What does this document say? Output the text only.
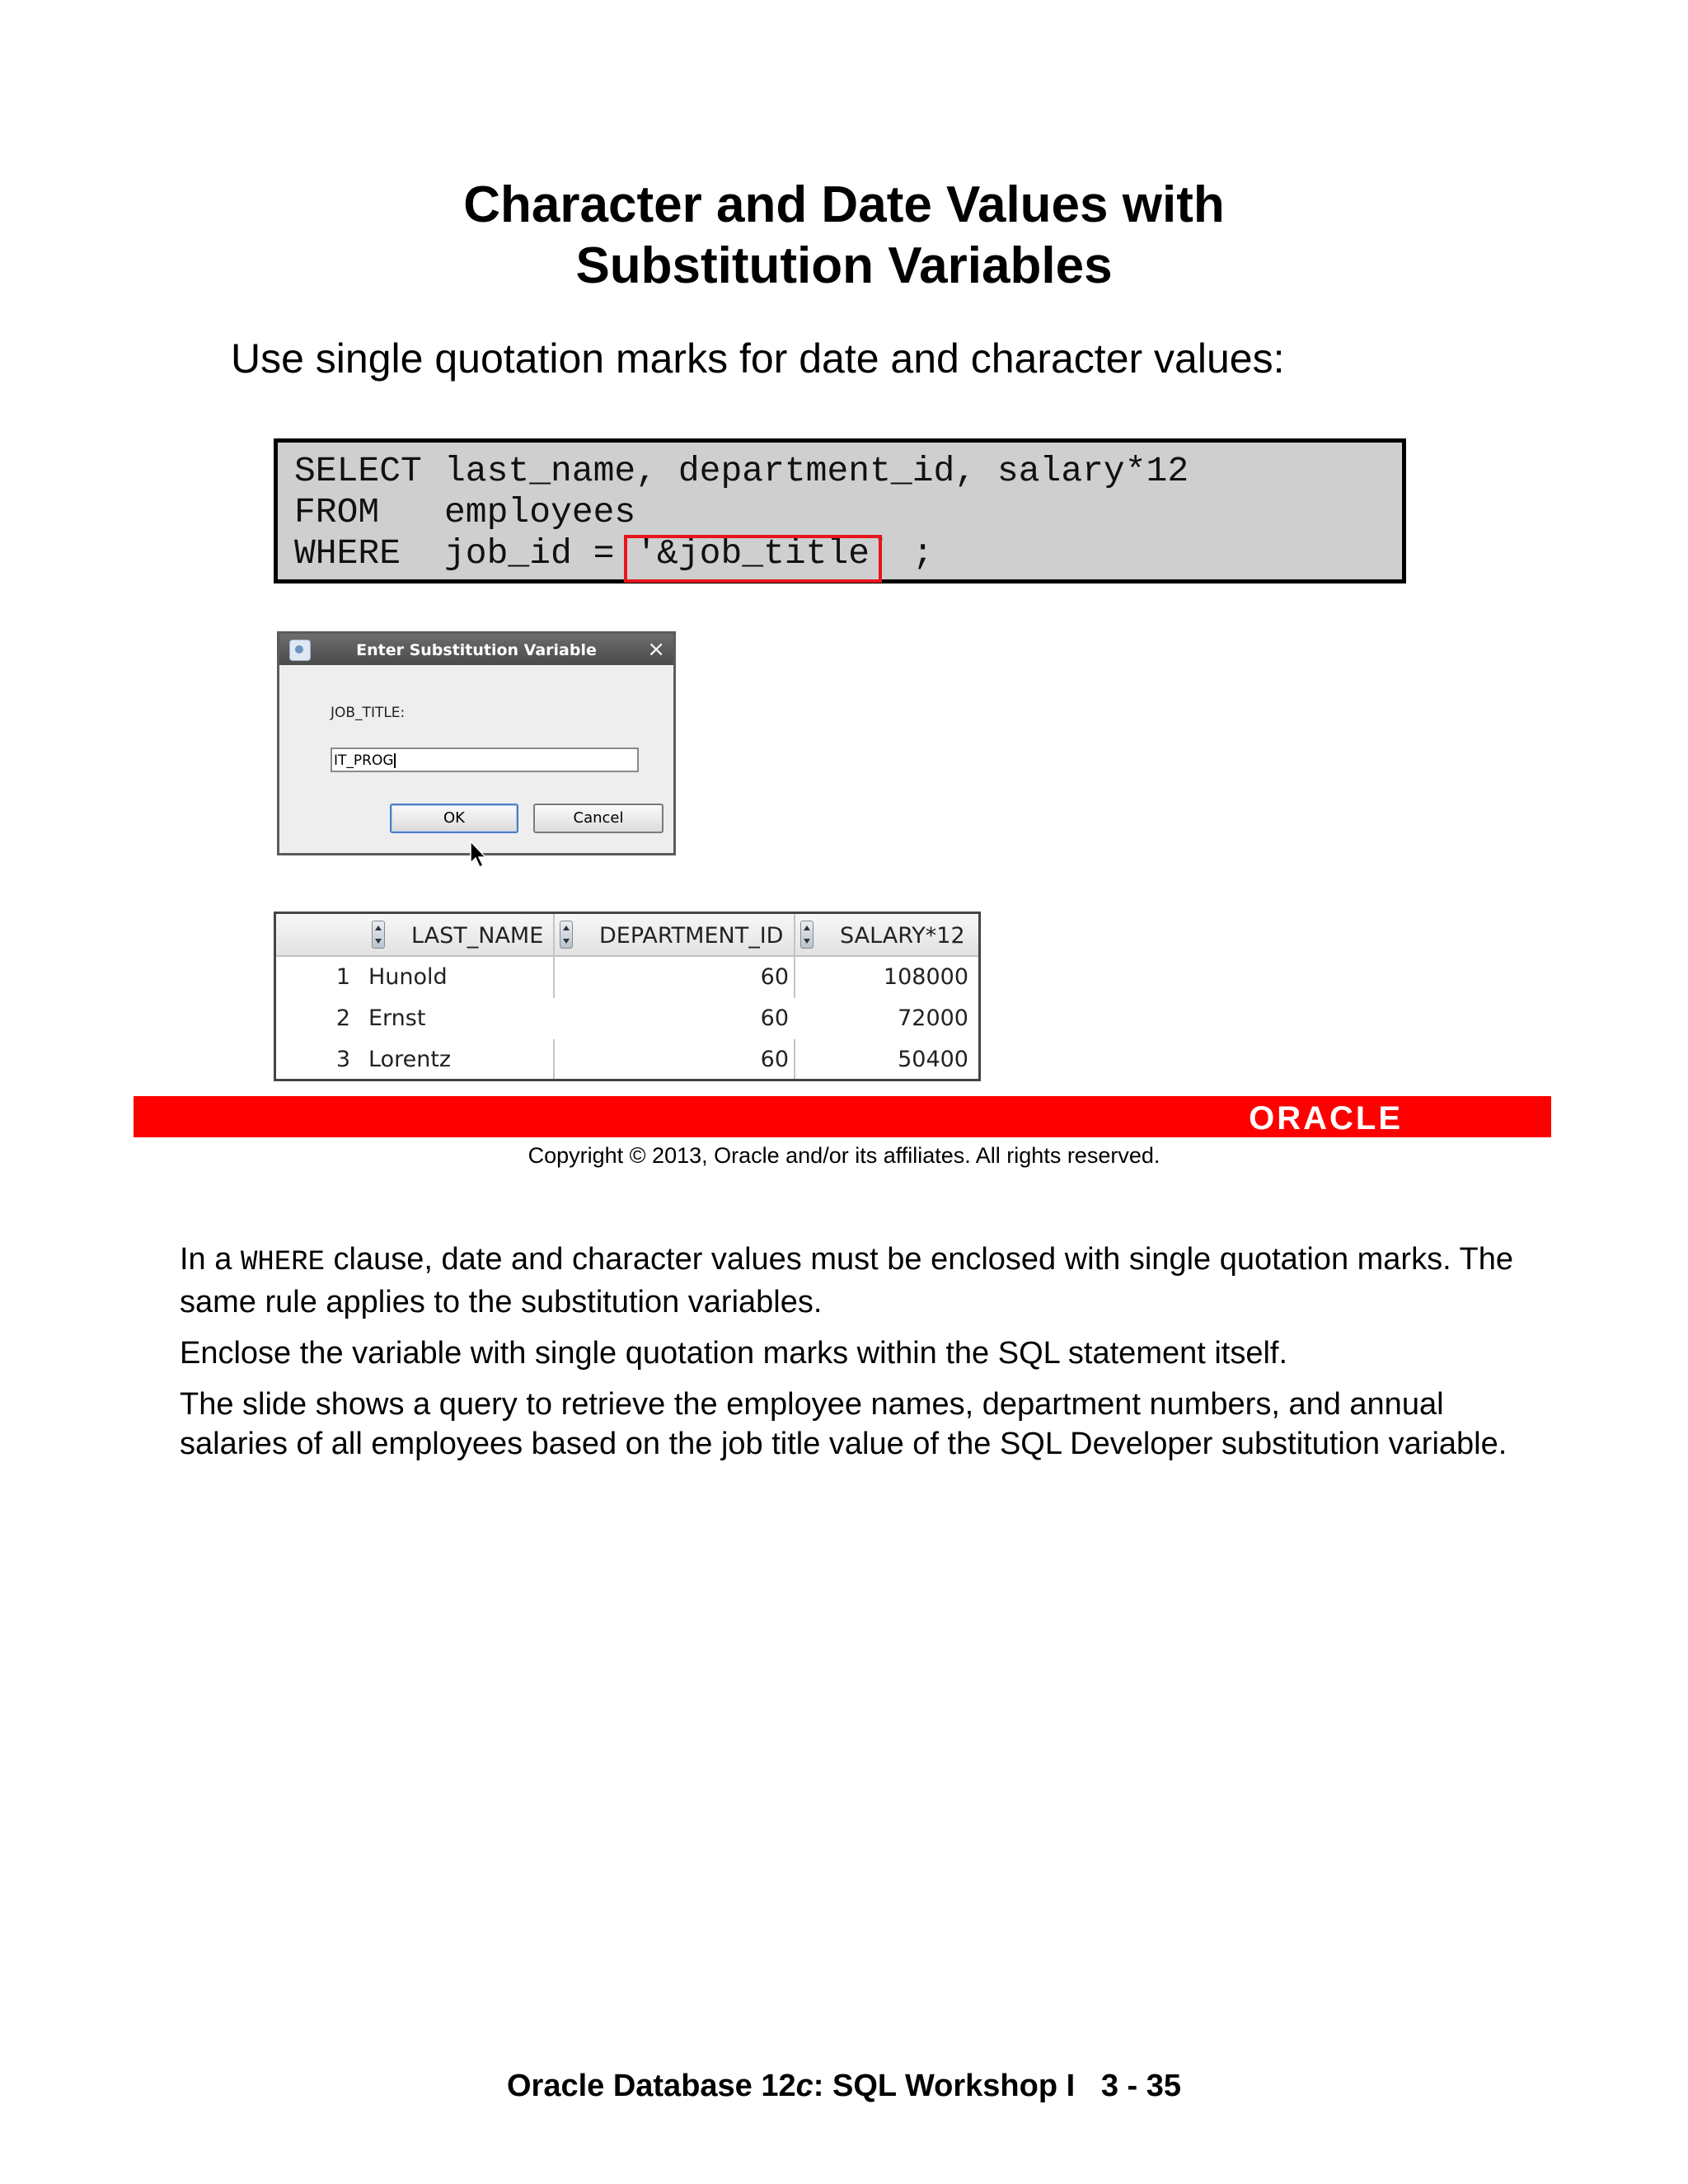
Character and Date Values with
Substitution Variables
Use single quotation marks for date and character values:
SELECT last_name, department_id, salary*12
FROM employees
WHERE job_id = '&job_title' ;
Enter Substitution Variable	×
JOB_TITLE:
IT_PROG
OK	Cancel
LAST_NAME	DEPARTMENT_ID	SALARY*12
1 Hunold	60	108000
2 Ernst	60	72000
3 Lorentz	60	50400
ORACLE
Copyright © 2013, Oracle and/or its affiliates. All rights reserved.

In a WHERE clause, date and character values must be enclosed with single quotation marks. The same rule applies to the substitution variables.

Enclose the variable with single quotation marks within the SQL statement itself.

The slide shows a query to retrieve the employee names, department numbers, and annual salaries of all employees based on the job title value of the SQL Developer substitution variable.

Oracle Database 12c: SQL Workshop I   3 - 35
